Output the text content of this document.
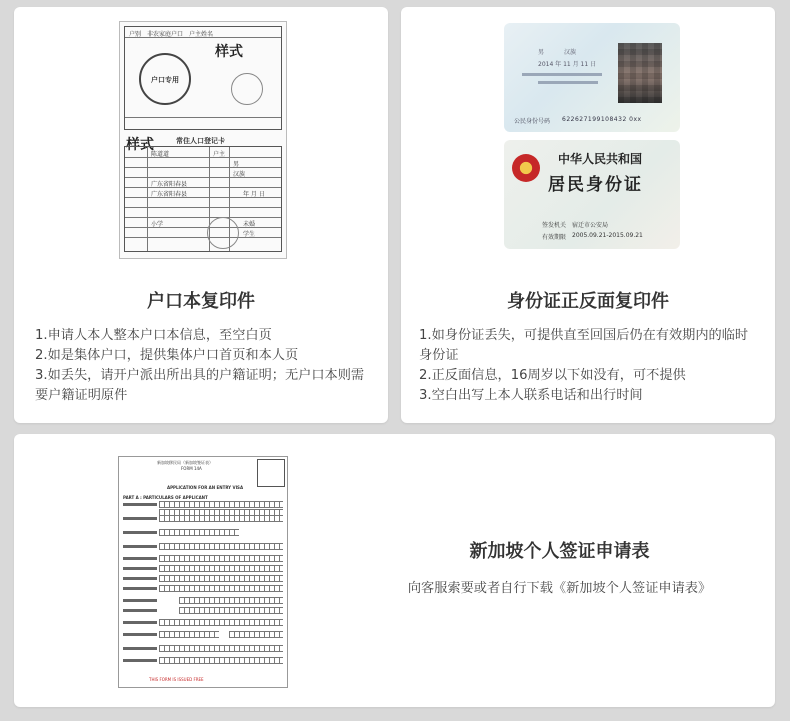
户别 非农家庭户口 户主姓名
样式
户口专用
样式	常住人口登记卡
陈道道	户主
男
汉族
广东省阳春县
广东省阳春县	年 月 日
小学	未婚
学生
户口本复印件
1.申请人本人整本户口本信息，至空白页
2.如是集体户口，提供集体户口首页和本人页
3.如丢失，请开户派出所出具的户籍证明；无户口本则需要户籍证明原件
男	汉族
2014 年 11 月 11 日
公民身份号码 622627199108432 0xx
中华人民共和国
居民身份证
签发机关 宿迁市公安局
有效期限 2005.09.21-2015.09.21
身份证正反面复印件
1.如身份证丢失，可提供直至回国后仍在有效期内的临时身份证
2.正反面信息，16周岁以下如没有，可不提供
3.空白出写上本人联系电话和出行时间
新加坡移民局（新加坡签证表）
FORM 14A
APPLICATION FOR AN ENTRY VISA
PART A : PARTICULARS OF APPLICANT
THIS FORM IS ISSUED FREE
新加坡个人签证申请表
向客服索要或者自行下载《新加坡个人签证申请表》
